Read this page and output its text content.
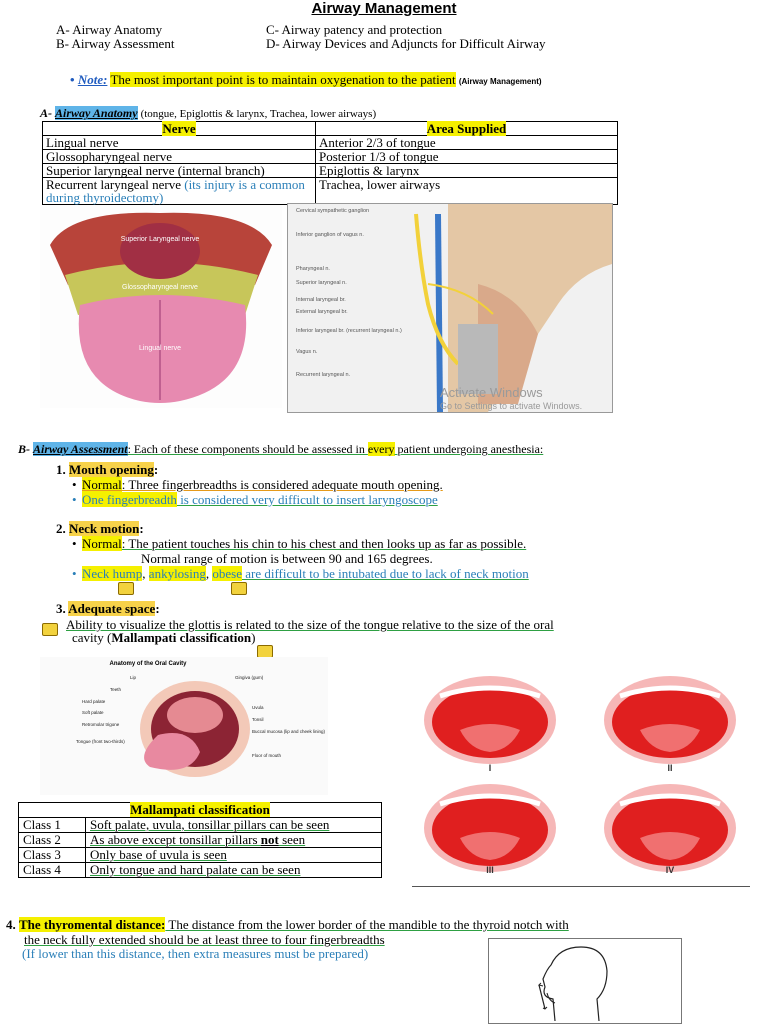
Airway Management
A- Airway Anatomy
B- Airway Assessment
C- Airway patency and protection
D- Airway Devices and Adjuncts for Difficult Airway
• Note: The most important point is to maintain oxygenation to the patient (Airway Management)
A- Airway Anatomy (tongue, Epiglottis & larynx, Trachea, lower airways)
Nerve	Area Supplied
Lingual nerve	Anterior 2/3 of tongue
Glossopharyngeal nerve	Posterior 1/3 of tongue
Superior laryngeal nerve (internal branch)	Epiglottis & larynx
Recurrent laryngeal nerve (its injury is a common during thyroidectomy)	Trachea, lower airways
Superior Laryngeal nerve
Glossopharyngeal nerve
Lingual nerve
Cervical sympathetic ganglion
Inferior ganglion of vagus n.
Pharyngeal n.
Superior laryngeal n.
Internal laryngeal br.
External laryngeal br.
Inferior laryngeal br. (recurrent laryngeal n.)
Vagus n.
Recurrent laryngeal n.
Activate Windows
Go to Settings to activate Windows.
B- Airway Assessment: Each of these components should be assessed in every patient undergoing anesthesia:
1. Mouth opening:
• Normal: Three fingerbreadths is considered adequate mouth opening.
• One fingerbreadth is considered very difficult to insert laryngoscope
2. Neck motion:
• Normal: The patient touches his chin to his chest and then looks up as far as possible.
Normal range of motion is between 90 and 165 degrees.
• Neck hump, ankylosing, obese are difficult to be intubated due to lack of neck motion
3. Adequate space:
Ability to visualize the glottis is related to the size of the tongue relative to the size of the oral
cavity (Mallampati classification)
Anatomy of the Oral Cavity
Lip
Teeth
Hard palate
Soft palate
Retromolar trigone
Tongue (front two-thirds)
Gingiva (gum)
Uvula
Tonsil
Buccal mucosa (lip and cheek lining)
Floor of mouth
Mallampati classification	
Class 1	Soft palate, uvula, tonsillar pillars can be seen
Class 2	As above except tonsillar pillars not seen
Class 3	Only base of uvula is seen
Class 4	Only tongue and hard palate can be seen
I	II
III	IV
4. The thyromental distance: The distance from the lower border of the mandible to the thyroid notch with
the neck fully extended should be at least three to four fingerbreadths
(If lower than this distance, then extra measures must be prepared)
